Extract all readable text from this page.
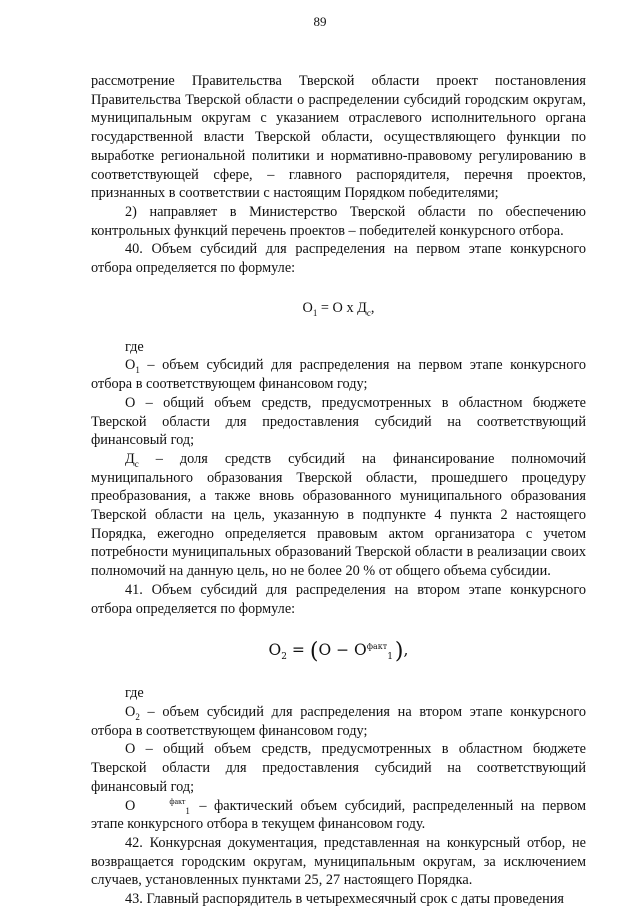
89

рассмотрение Правительства Тверской области проект постановления Правительства Тверской области о распределении субсидий городским округам, муниципальным округам с указанием отраслевого исполнительного органа государственной власти Тверской области, осуществляющего функции по выработке региональной политики и нормативно-правовому регулированию в соответствующей сфере, – главного распорядителя, перечня проектов, признанных в соответствии с настоящим Порядком победителями;

2) направляет в Министерство Тверской области по обеспечению контрольных функций перечень проектов – победителей конкурсного отбора.

40. Объем субсидий для распределения на первом этапе конкурсного отбора определяется по формуле:

$О_1 = О$ х $Д_с$,

где

$О_1$ – объем субсидий для распределения на первом этапе конкурсного отбора в соответствующем финансовом году;

О – общий объем средств, предусмотренных в областном бюджете Тверской области для предоставления субсидий на соответствующий финансовый год;

$Д_с$ – доля средств субсидий на финансирование полномочий муниципального образования Тверской области, прошедшего процедуру преобразования, а также вновь образованного муниципального образования Тверской области на цель, указанную в подпункте 4 пункта 2 настоящего Порядка, ежегодно определяется правовым актом организатора с учетом потребности муниципальных образований Тверской области в реализации своих полномочий на данную цель, но не более 20 % от общего объема субсидии.

41. Объем субсидий для распределения на втором этапе конкурсного отбора определяется по формуле:

$O_2 = (O - O^{факт}_1)$,

где

$О_2$ – объем субсидий для распределения на втором этапе конкурсного отбора в соответствующем финансовом году;

О – общий объем средств, предусмотренных в областном бюджете Тверской области для предоставления субсидий на соответствующий финансовый год;

О	$^{факт}_1$ – фактический объем субсидий, распределенный на первом этапе конкурсного отбора в текущем финансовом году.

42. Конкурсная документация, представленная на конкурсный отбор, не возвращается городским округам, муниципальным округам, за исключением случаев, установленных пунктами 25, 27 настоящего Порядка.

43. Главный распорядитель в четырехмесячный срок с даты проведения
